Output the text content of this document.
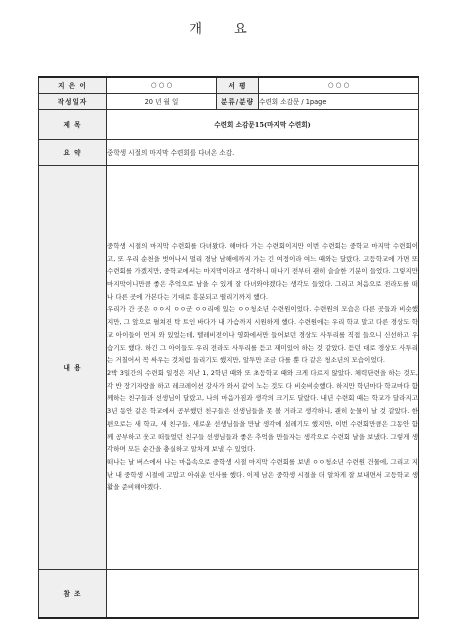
개 요
지 은 이	○ ○ ○	서 평	○ ○ ○
작성일자	20 년 월 일	분류/분량	수련회 소감문 / 1page
제 목	수련회 소감문15(마지막 수련회)		
요 약	중학생 시절의 마지막 수련회를 다녀온 소감.		
내 용	중학생 시절의 마지막 수련회를 다녀왔다. 해마다 가는 수련회이지만 이번 수련회는 중학교 마지막 수련회이고, 또 우리 순천을 벗어나서 멀리 경남 남해에까지 가는 긴 여정이라 여느 때와는 달랐다. 고등학교에 가면 또 수련회를 가겠지만, 중학교에서는 마지막이라고 생각하니 떠나기 전부터 괜히 슬슬한 기분이 들었다. 그렇지만 마지막이니만큼 좋은 추억으로 남을 수 있게 잘 다녀와야겠다는 생각도 들었다. 그리고 처음으로 전라도를 떠나 다른 곳에 가본다는 기대로 흥분되고 떨리기까지 했다.

우리가 간 곳은 ㅇㅇ시 ㅇㅇ군 ㅇㅇ리에 있는 ㅇㅇ청소년 수련원이었다. 수련원의 모습은 다른 곳들과 비슷했지만, 그 앞으로 펼쳐진 탁 트인 바다가 내 가슴까지 시원하게 했다. 수련원에는 우리 학교 말고 다른 경상도 학교 아이들이 먼저 와 있었는데, 텔레비전이나 영화에서만 들어보던 경상도 사투리를 직접 들으니 신선하고 우습기도 했다. 하긴 그 아이들도 우리 전라도 사투리를 듣고 재미있어 하는 것 같았다. 듣던 대로 경상도 사투리는 거칠어서 꼭 싸우는 것처럼 들리기도 했지만, 알투만 조금 다를 뿐 다 같은 청소년의 모습이었다.

2박 3일간의 수련회 일정은 지난 1, 2학년 때와 또 초등학교 때와 크게 다르지 않았다. 체력단련을 하는 것도, 각 반 장기자랑을 하고 레크레이션 강사가 와서 같이 노는 것도 다 비슷비슷했다. 하지만 학년마다 학교마다 함께하는 친구들과 선생님이 달랐고, 나의 마음가짐과 생각의 크기도 달랐다. 내년 수련회 때는 학교가 달라지고 3년 동안 같은 학교에서 공부했던 친구들은 선생님들을 못 볼 거라고 생각하니, 괜히 눈물이 날 것 같았다. 한편으로는 새 학교, 새 친구들, 새로운 선생님들을 만날 생각에 설레기도 했지만, 이번 수련회만큼은 그동안 함께 공부하고 웃고 떠들었던 친구들 선생님들과 좋은 추억을 만들자는 생각으로 수련회 날을 보냈다. 그렇게 생각하며 모든 순간을 충실하고 알차게 보낼 수 있었다.

떠나는 날 버스에서 나는 마음속으로 중학생 시절 마지막 수련회를 보낸 ㅇㅇ청소년 수련원 건물에, 그리고 지난 내 중학생 시절에 고맙고 아쉬운 인사를 했다. 이제 남은 중학생 시절을 더 알차게 잘 보내면서 고등학교 생활을 준비해야겠다.		

참 조			
